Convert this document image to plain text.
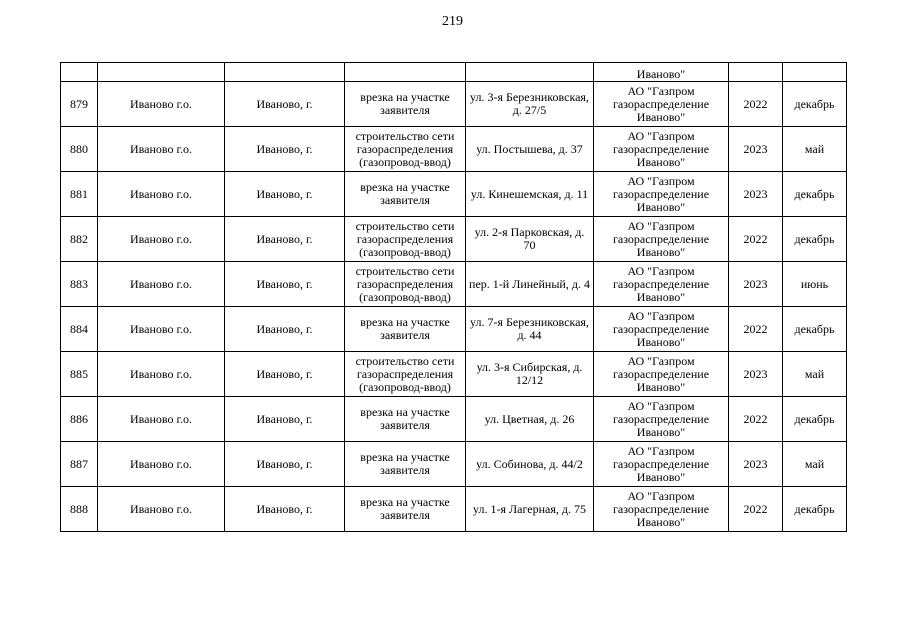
219
					Иваново"		
879	Иваново г.о.	Иваново, г.	врезка на участке заявителя	ул. 3-я Березниковская, д. 27/5	АО "Газпром газораспределение Иваново"	2022	декабрь
880	Иваново г.о.	Иваново, г.	строительство сети газораспределения (газопровод-ввод)	ул. Постышева, д. 37	АО "Газпром газораспределение Иваново"	2023	май
881	Иваново г.о.	Иваново, г.	врезка на участке заявителя	ул. Кинешемская, д. 11	АО "Газпром газораспределение Иваново"	2023	декабрь
882	Иваново г.о.	Иваново, г.	строительство сети газораспределения (газопровод-ввод)	ул. 2-я Парковская, д. 70	АО "Газпром газораспределение Иваново"	2022	декабрь
883	Иваново г.о.	Иваново, г.	строительство сети газораспределения (газопровод-ввод)	пер. 1-й Линейный, д. 4	АО "Газпром газораспределение Иваново"	2023	июнь
884	Иваново г.о.	Иваново, г.	врезка на участке заявителя	ул. 7-я Березниковская, д. 44	АО "Газпром газораспределение Иваново"	2022	декабрь
885	Иваново г.о.	Иваново, г.	строительство сети газораспределения (газопровод-ввод)	ул. 3-я Сибирская, д. 12/12	АО "Газпром газораспределение Иваново"	2023	май
886	Иваново г.о.	Иваново, г.	врезка на участке заявителя	ул. Цветная, д. 26	АО "Газпром газораспределение Иваново"	2022	декабрь
887	Иваново г.о.	Иваново, г.	врезка на участке заявителя	ул. Собинова, д. 44/2	АО "Газпром газораспределение Иваново"	2023	май
888	Иваново г.о.	Иваново, г.	врезка на участке заявителя	ул. 1-я Лагерная, д. 75	АО "Газпром газораспределение Иваново"	2022	декабрь
